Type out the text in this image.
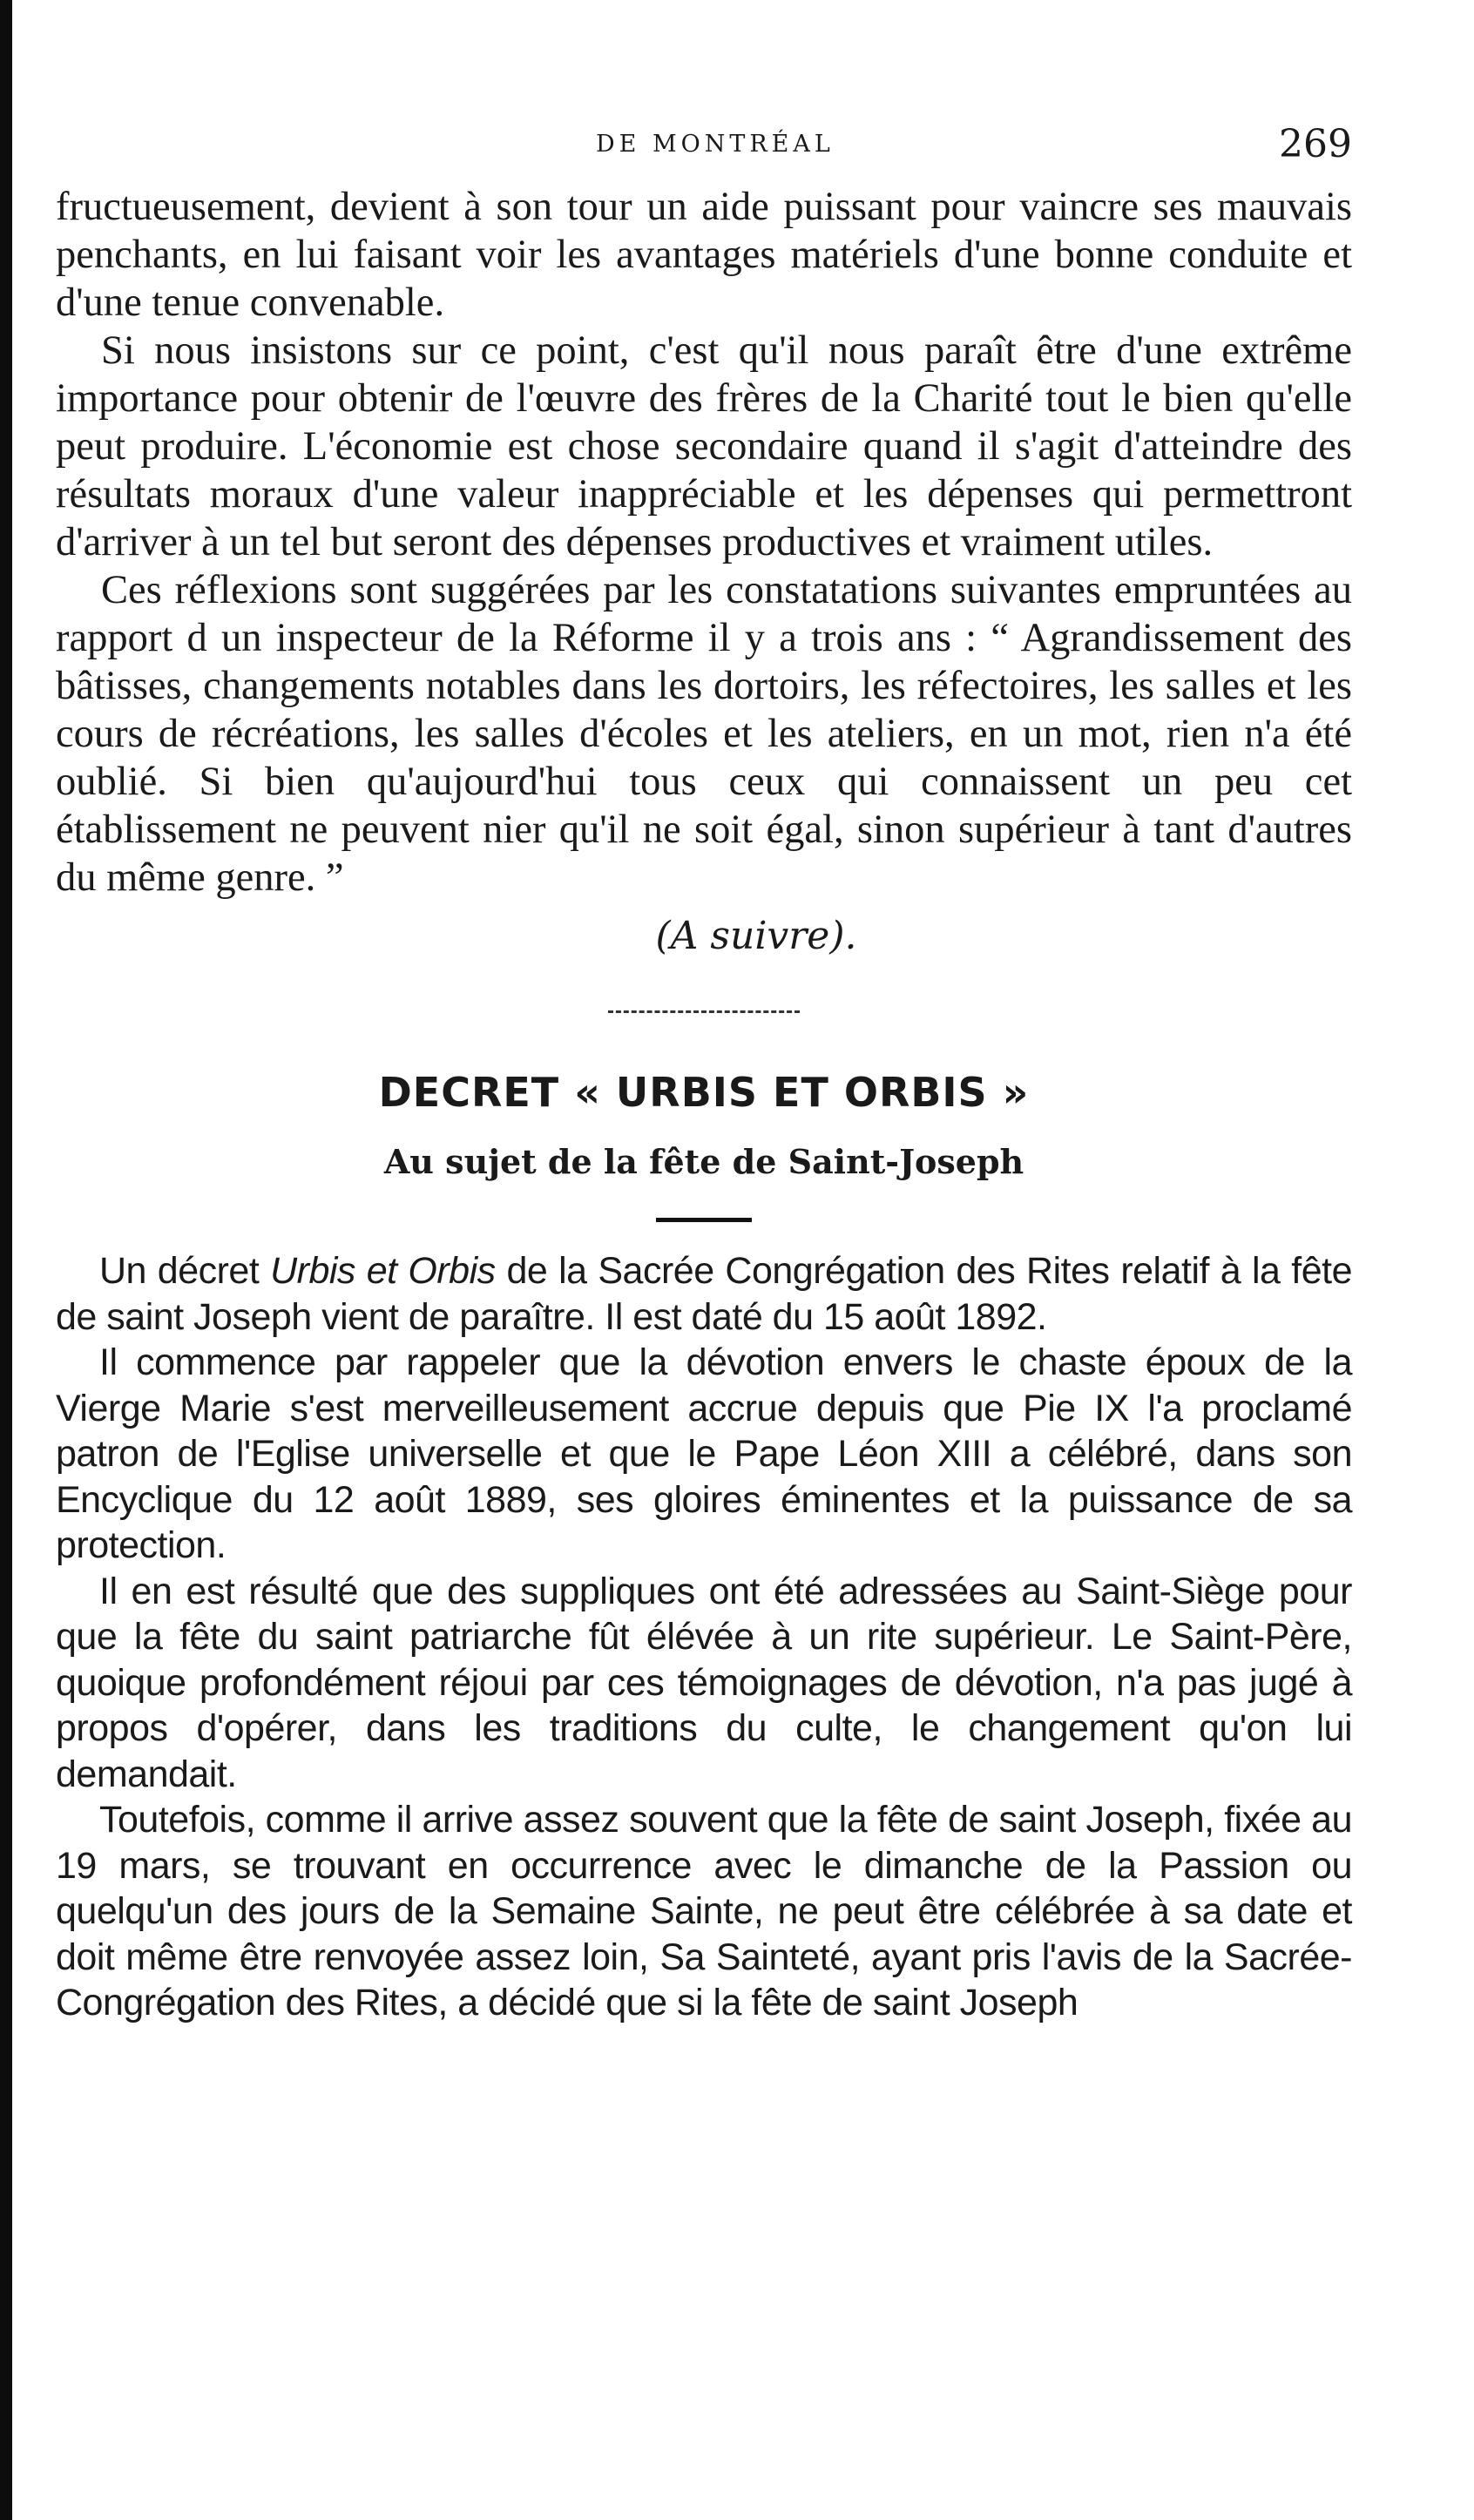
DE MONTRÉAL	269

fructueusement, devient à son tour un aide puissant pour vaincre ses mauvais penchants, en lui faisant voir les avantages matériels d'une bonne conduite et d'une tenue convenable.

Si nous insistons sur ce point, c'est qu'il nous paraît être d'une extrême importance pour obtenir de l'œuvre des frères de la Charité tout le bien qu'elle peut produire. L'économie est chose secondaire quand il s'agit d'atteindre des résultats moraux d'une valeur inappréciable et les dépenses qui permettront d'arriver à un tel but seront des dépenses productives et vraiment utiles.

Ces réflexions sont suggérées par les constatations suivantes empruntées au rapport d un inspecteur de la Réforme il y a trois ans : “ Agrandissement des bâtisses, changements notables dans les dortoirs, les réfectoires, les salles et les cours de récréations, les salles d'écoles et les ateliers, en un mot, rien n'a été oublié. Si bien qu'aujourd'hui tous ceux qui connaissent un peu cet établissement ne peuvent nier qu'il ne soit égal, sinon supérieur à tant d'autres du même genre. ”

(A suivre).
DECRET « URBIS ET ORBIS »
Au sujet de la fête de Saint-Joseph

Un décret Urbis et Orbis de la Sacrée Congrégation des Rites relatif à la fête de saint Joseph vient de paraître. Il est daté du 15 août 1892.

Il commence par rappeler que la dévotion envers le chaste époux de la Vierge Marie s'est merveilleusement accrue depuis que Pie IX l'a proclamé patron de l'Eglise universelle et que le Pape Léon XIII a célébré, dans son Encyclique du 12 août 1889, ses gloires éminentes et la puissance de sa protection.

Il en est résulté que des suppliques ont été adressées au Saint-Siège pour que la fête du saint patriarche fût élévée à un rite supérieur. Le Saint-Père, quoique profondément réjoui par ces témoignages de dévotion, n'a pas jugé à propos d'opérer, dans les traditions du culte, le changement qu'on lui demandait.

Toutefois, comme il arrive assez souvent que la fête de saint Joseph, fixée au 19 mars, se trouvant en occurrence avec le dimanche de la Passion ou quelqu'un des jours de la Semaine Sainte, ne peut être célébrée à sa date et doit même être renvoyée assez loin, Sa Sainteté, ayant pris l'avis de la Sacrée-Congrégation des Rites, a décidé que si la fête de saint Joseph
